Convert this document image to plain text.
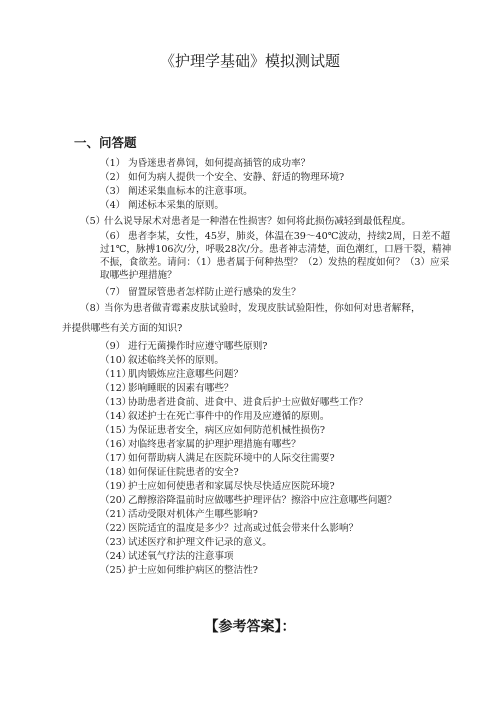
《护理学基础》模拟测试题
一、问答题
（1） 为昏迷患者鼻饲，如何提高插管的成功率？
（2） 如何为病人提供一个安全、安静、舒适的物理环境?
（3） 阐述采集血标本的注意事项。
（4） 阐述标本采集的原则。
（5）什么说导尿术对患者是一种潜在性损害？如何将此损伤减轻到最低程度。
（6） 患者李某，女性，45岁，肺炎，体温在39～40℃波动，持续2周，日差不超过1℃，脉搏106次/分，呼吸28次/分。患者神志清楚，面色潮红，口唇干裂，精神不振，食欲差。请问：（1）患者属于何种热型？（2）发热的程度如何？（3）应采取哪些护理措施？
（7） 留置尿管患者怎样防止逆行感染的发生？
（8）当你为患者做青霉素皮肤试验时，发现皮肤试验阳性，你如何对患者解释，
并提供哪些有关方面的知识?
（9） 进行无菌操作时应遵守哪些原则?
（10）叙述临终关怀的原则。
（11）肌肉锻炼应注意哪些问题？
（12）影响睡眠的因素有哪些？
（13）协助患者进食前、进食中、进食后护士应做好哪些工作？
（14）叙述护士在死亡事件中的作用及应遵循的原则。
（15）为保证患者安全，病区应如何防范机械性损伤?
（16）对临终患者家属的护理护理措施有哪些？
（17）如何帮助病人满足在医院环境中的人际交往需要?
（18）如何保证住院患者的安全?
（19）护士应如何使患者和家属尽快尽快适应医院环境?
（20）乙醇擦浴降温前时应做哪些护理评估？擦浴中应注意哪些问题？
（21）活动受限对机体产生哪些影响?
（22）医院适宜的温度是多少？过高或过低会带来什么影响？
（23）试述医疗和护理文件记录的意义。
（24）试述氧气疗法的注意事项
（25）护士应如何维护病区的整洁性?
【参考答案】：
